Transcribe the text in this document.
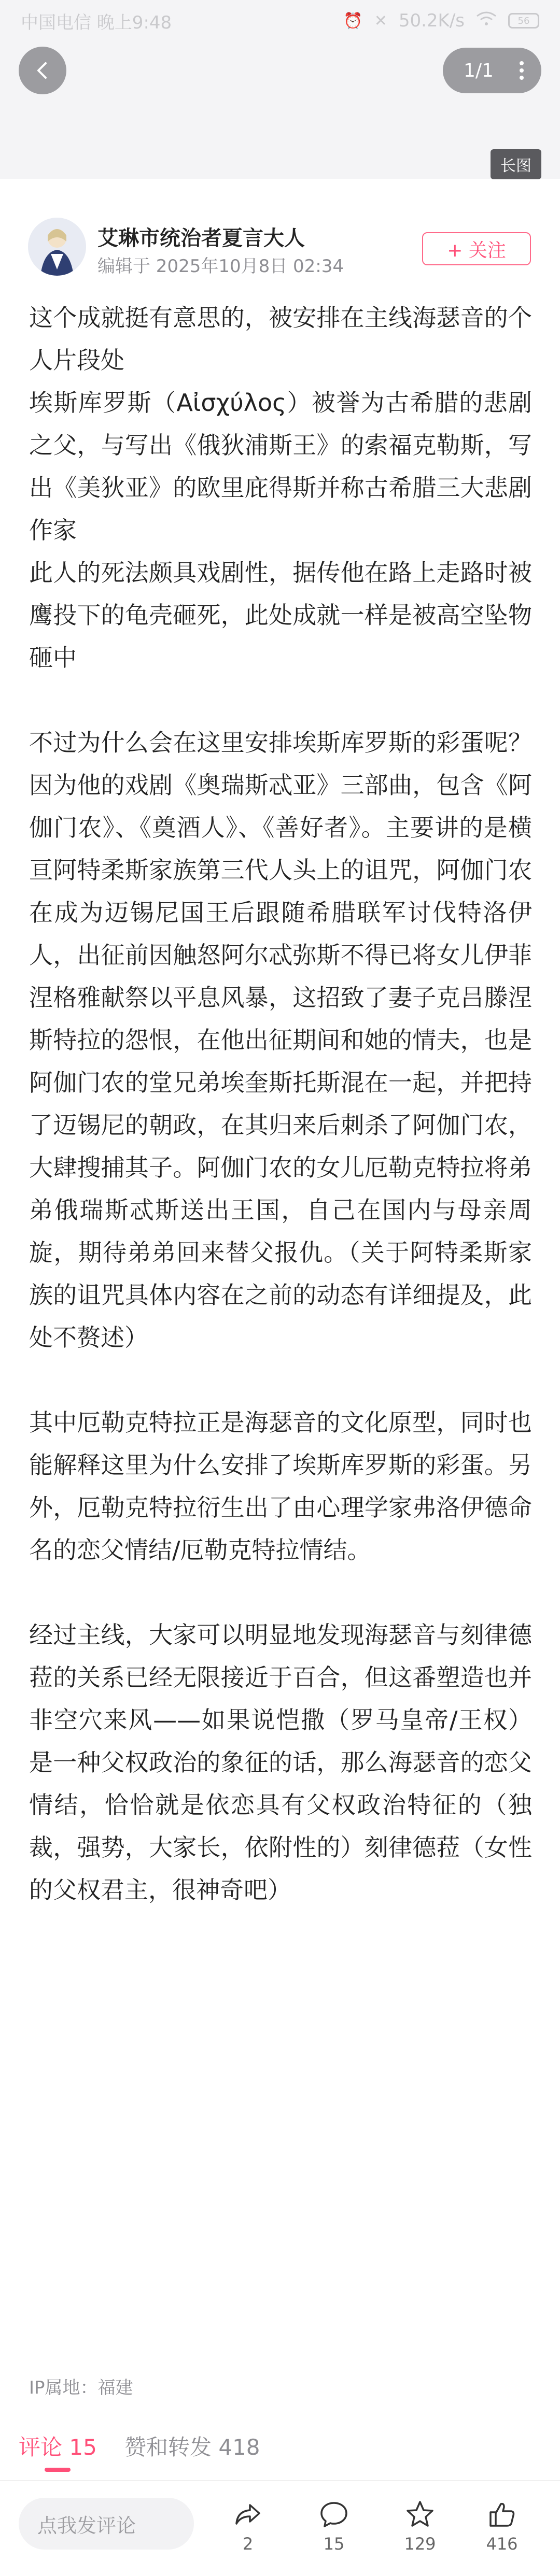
中国电信 晚上9:48	⏰ ✕ 50.2K/s	56
1/1
长图
艾琳市统治者夏言大人
编辑于 2025年10月8日 02:34
+ 关注

这个成就挺有意思的，被安排在主线海瑟音的个人片段处

埃斯库罗斯（Αἰσχύλος）被誉为古希腊的悲剧之父，与写出《俄狄浦斯王》的索福克勒斯，写出《美狄亚》的欧里庇得斯并称古希腊三大悲剧作家

此人的死法颇具戏剧性，据传他在路上走路时被鹰投下的龟壳砸死，此处成就一样是被高空坠物砸中

不过为什么会在这里安排埃斯库罗斯的彩蛋呢？因为他的戏剧《奥瑞斯忒亚》三部曲，包含《阿伽门农》、《奠酒人》、《善好者》。主要讲的是横亘阿特柔斯家族第三代人头上的诅咒，阿伽门农在成为迈锡尼国王后跟随希腊联军讨伐特洛伊人，出征前因触怒阿尔忒弥斯不得已将女儿伊菲涅格雅献祭以平息风暴，这招致了妻子克吕滕涅斯特拉的怨恨，在他出征期间和她的情夫，也是阿伽门农的堂兄弟埃奎斯托斯混在一起，并把持了迈锡尼的朝政，在其归来后刺杀了阿伽门农，大肆搜捕其子。阿伽门农的女儿厄勒克特拉将弟弟俄瑞斯忒斯送出王国，自己在国内与母亲周旋，期待弟弟回来替父报仇。（关于阿特柔斯家族的诅咒具体内容在之前的动态有详细提及，此处不赘述）

其中厄勒克特拉正是海瑟音的文化原型，同时也能解释这里为什么安排了埃斯库罗斯的彩蛋。另外，厄勒克特拉衍生出了由心理学家弗洛伊德命名的恋父情结/厄勒克特拉情结。

经过主线，大家可以明显地发现海瑟音与刻律德菈的关系已经无限接近于百合，但这番塑造也并非空穴来风——如果说恺撒（罗马皇帝/王权）是一种父权政治的象征的话，那么海瑟音的恋父情结，恰恰就是依恋具有父权政治特征的（独裁，强势，大家长，依附性的）刻律德菈（女性的父权君主，很神奇吧）

IP属地：福建
评论 15 赞和转发 418
点我发评论
2	15	129	416
